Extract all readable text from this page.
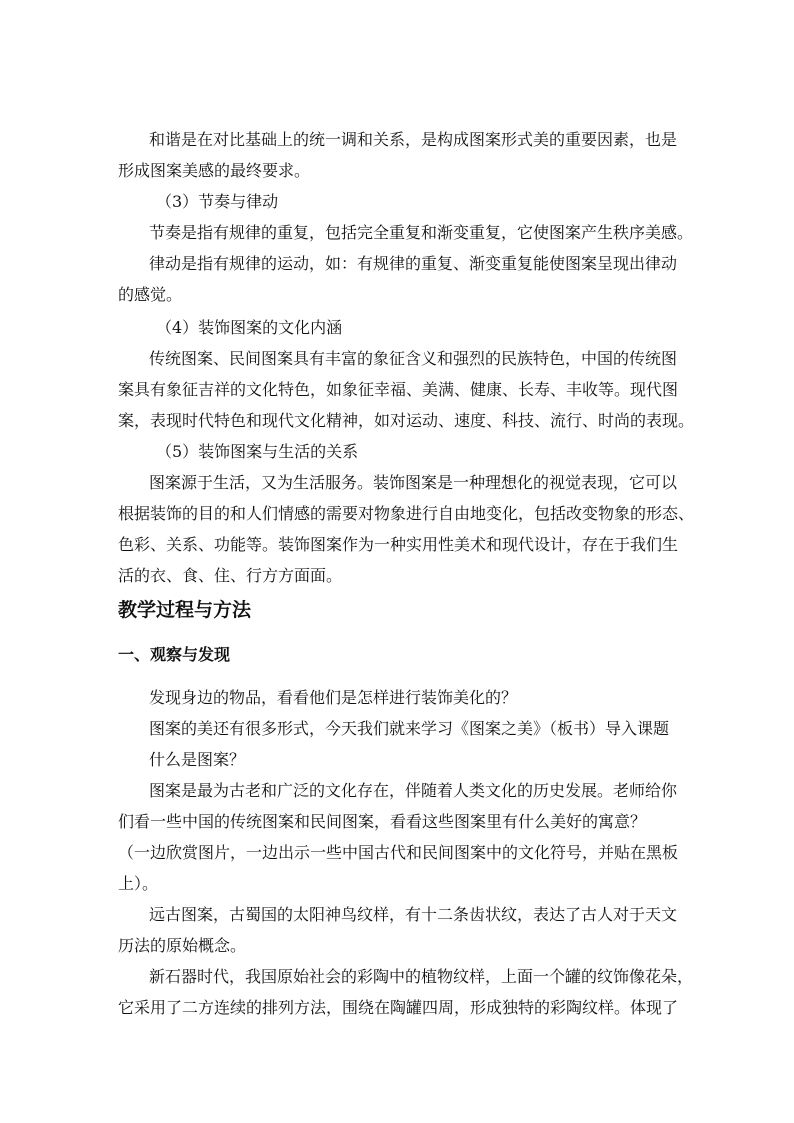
和谐是在对比基础上的统一调和关系，是构成图案形式美的重要因素，也是

形成图案美感的最终要求。

（3）节奏与律动

节奏是指有规律的重复，包括完全重复和渐变重复，它使图案产生秩序美感。

律动是指有规律的运动，如：有规律的重复、渐变重复能使图案呈现出律动

的感觉。

（4）装饰图案的文化内涵

传统图案、民间图案具有丰富的象征含义和强烈的民族特色，中国的传统图

案具有象征吉祥的文化特色，如象征幸福、美满、健康、长寿、丰收等。现代图

案，表现时代特色和现代文化精神，如对运动、速度、科技、流行、时尚的表现。

（5）装饰图案与生活的关系

图案源于生活，又为生活服务。装饰图案是一种理想化的视觉表现，它可以

根据装饰的目的和人们情感的需要对物象进行自由地变化，包括改变物象的形态、

色彩、关系、功能等。装饰图案作为一种实用性美术和现代设计，存在于我们生

活的衣、食、住、行方方面面。

教学过程与方法
一、观察与发现

发现身边的物品，看看他们是怎样进行装饰美化的？

图案的美还有很多形式，今天我们就来学习《图案之美》（板书）导入课题

什么是图案？

图案是最为古老和广泛的文化存在，伴随着人类文化的历史发展。老师给你

们看一些中国的传统图案和民间图案，看看这些图案里有什么美好的寓意？

（一边欣赏图片，一边出示一些中国古代和民间图案中的文化符号，并贴在黑板

上）。

远古图案，古蜀国的太阳神鸟纹样，有十二条齿状纹，表达了古人对于天文

历法的原始概念。

新石器时代，我国原始社会的彩陶中的植物纹样，上面一个罐的纹饰像花朵，

它采用了二方连续的排列方法，围绕在陶罐四周，形成独特的彩陶纹样。体现了
